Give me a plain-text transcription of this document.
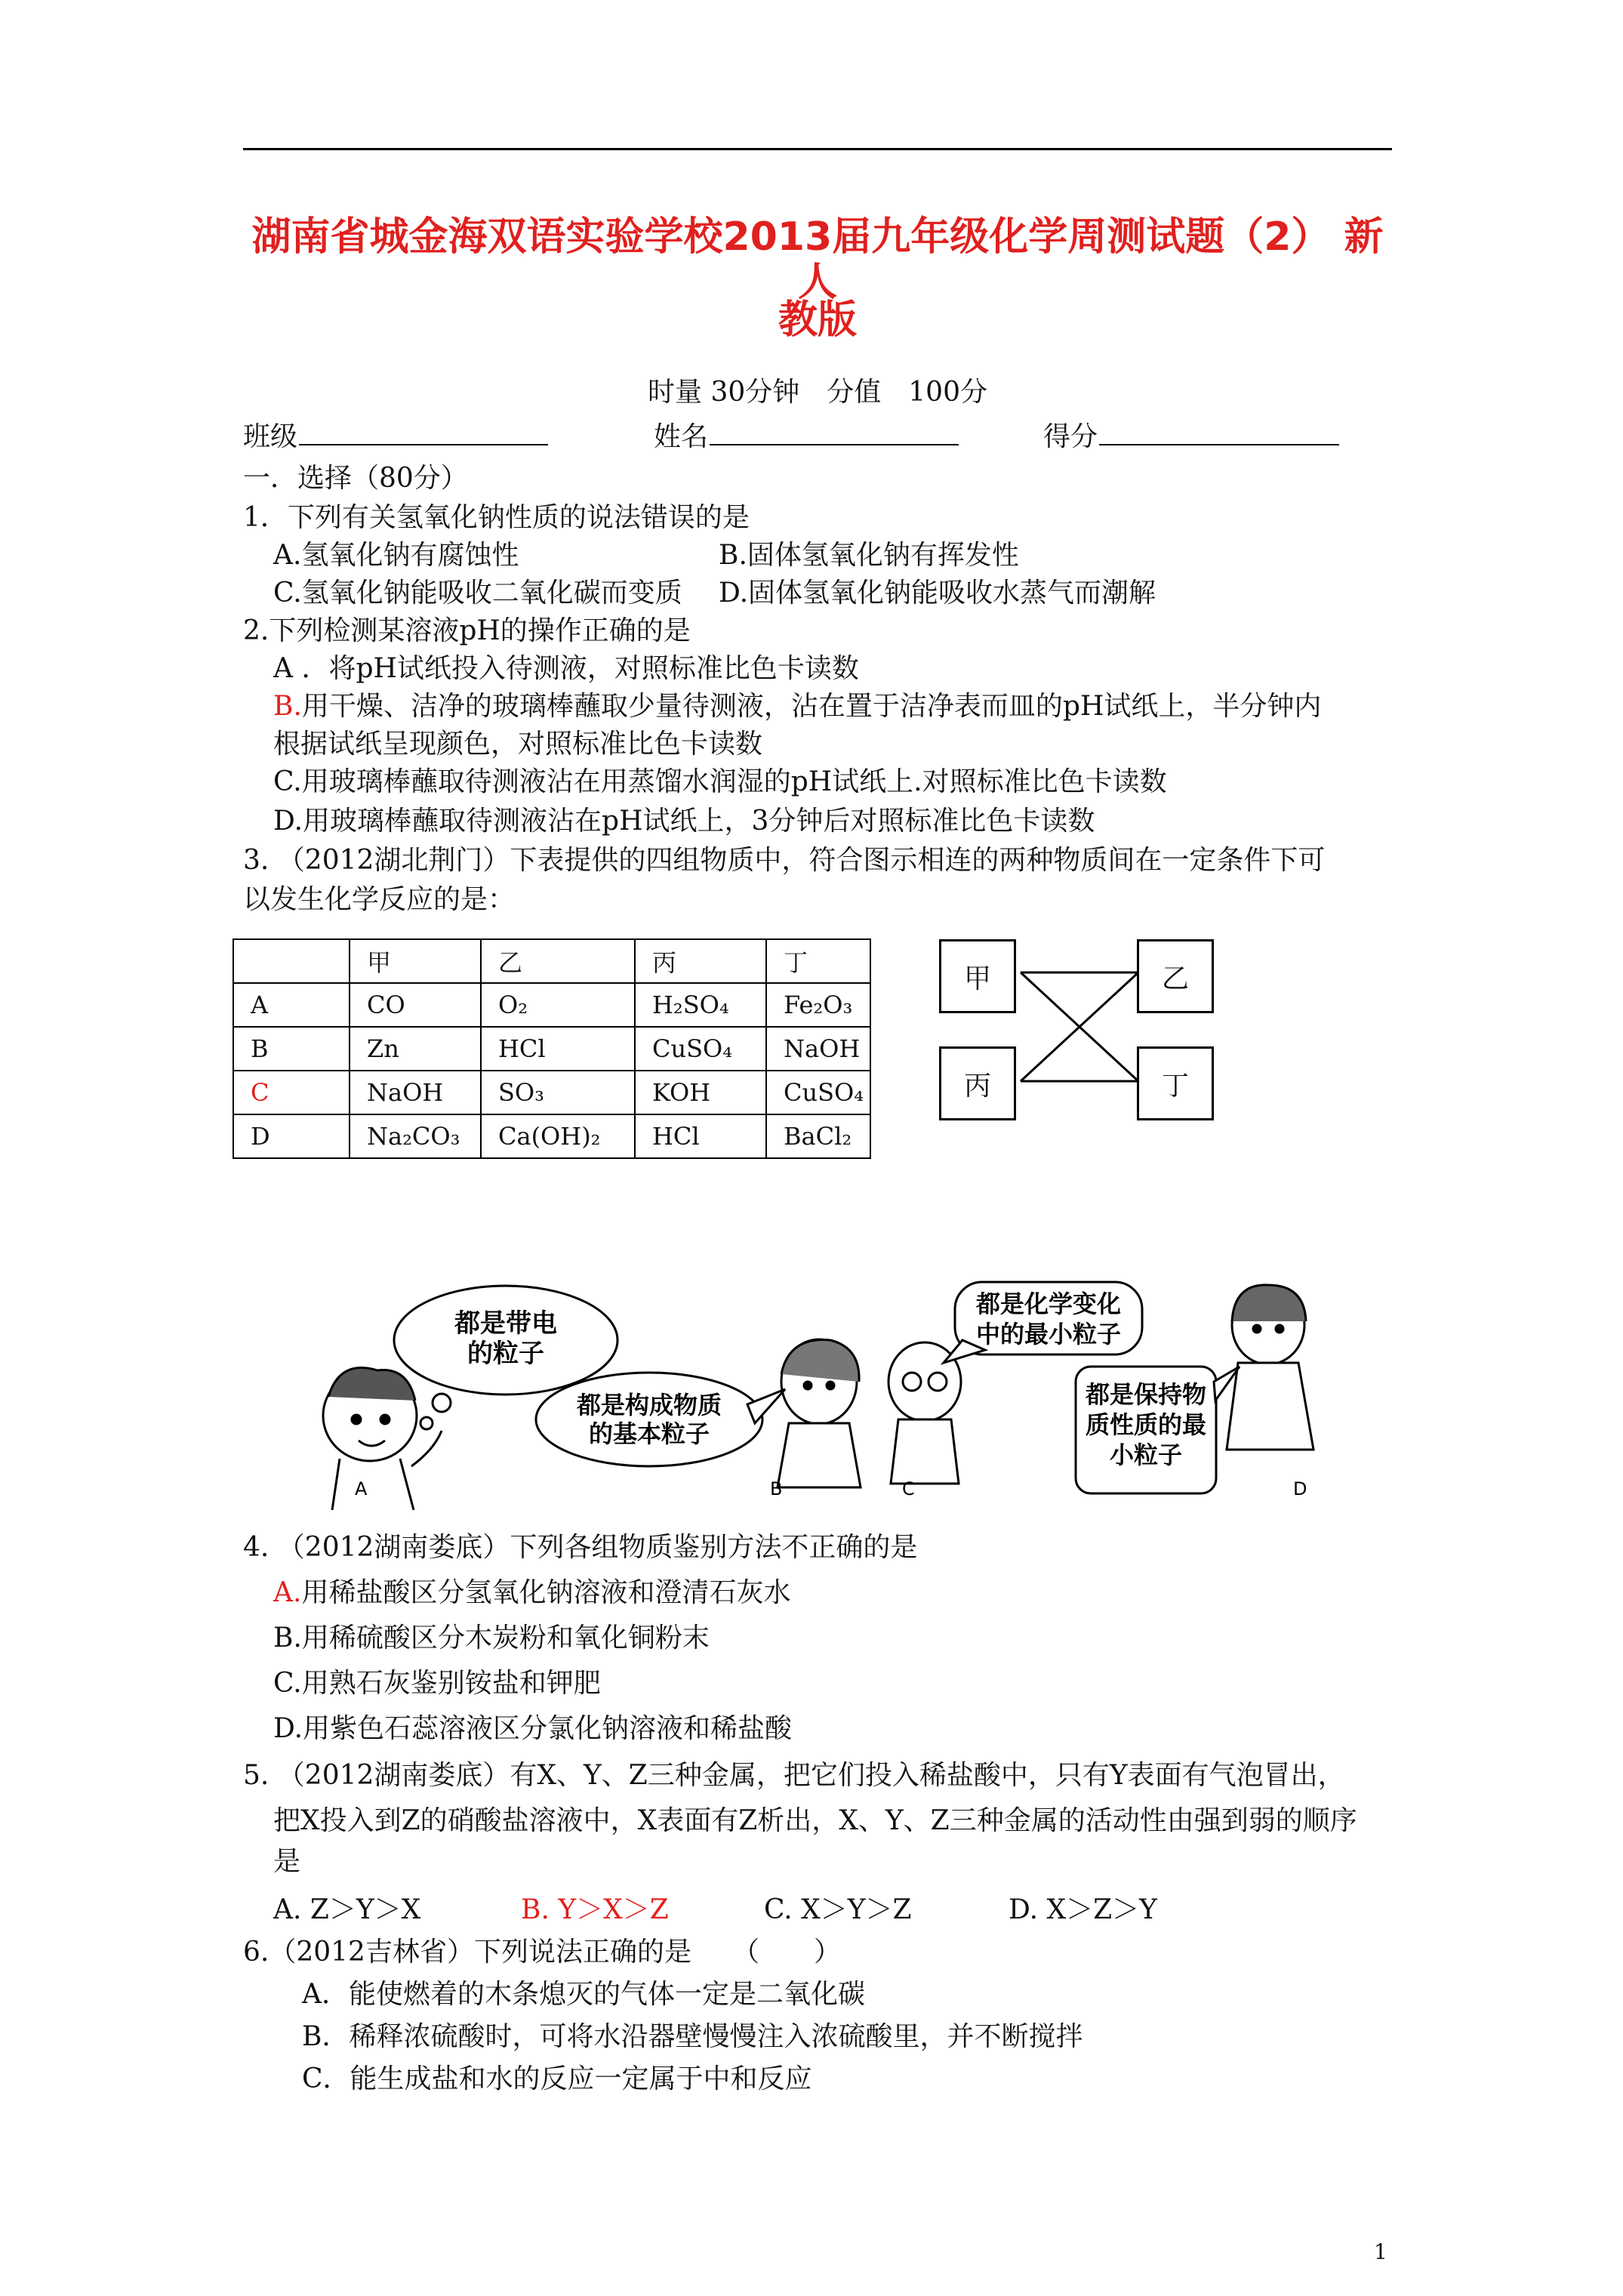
湖南省城金海双语实验学校2013届九年级化学周测试题（2） 新人
教版
时量 30分钟　分值　100分
班级	姓名	得分
一．选择（80分）
1．下列有关氢氧化钠性质的说法错误的是
A.氢氧化钠有腐蚀性	B.固体氢氧化钠有挥发性
C.氢氧化钠能吸收二氧化碳而变质 D.固体氢氧化钠能吸收水蒸气而潮解
2.下列检测某溶液pH的操作正确的是
A ．将pH试纸投入待测液，对照标准比色卡读数
B.用干燥、洁净的玻璃棒蘸取少量待测液，沾在置于洁净表而皿的pH试纸上，半分钟内
根据试纸呈现颜色，对照标准比色卡读数
C.用玻璃棒蘸取待测液沾在用蒸馏水润湿的pH试纸上.对照标准比色卡读数
D.用玻璃棒蘸取待测液沾在pH试纸上，3分钟后对照标准比色卡读数
3. （2012湖北荆门）下表提供的四组物质中，符合图示相连的两种物质间在一定条件下可
以发生化学反应的是：
	甲	乙	丙	丁
A	CO	O₂	H₂SO₄	Fe₂O₃
B	Zn	HCl	CuSO₄	NaOH
C	NaOH	SO₃	KOH	CuSO₄
D	Na₂CO₃	Ca(OH)₂	HCl	BaCl₂
甲	乙
丙	丁
都是带电
的粒子
都是构成物质
的基本粒子
都是化学变化
中的最小粒子
都是保持物
质性质的最
小粒子
A	B	C	D
4. （2012湖南娄底）下列各组物质鉴别方法不正确的是
A.用稀盐酸区分氢氧化钠溶液和澄清石灰水
B.用稀硫酸区分木炭粉和氧化铜粉末
C.用熟石灰鉴别铵盐和钾肥
D.用紫色石蕊溶液区分氯化钠溶液和稀盐酸
5. （2012湖南娄底）有X、Y、Z三种金属，把它们投入稀盐酸中，只有Y表面有气泡冒出，
把X投入到Z的硝酸盐溶液中，X表面有Z析出，X、Y、Z三种金属的活动性由强到弱的顺序
是
A. Z＞Y＞X	B. Y＞X＞Z	C. X＞Y＞Z	D. X＞Z＞Y
6.（2012吉林省）下列说法正确的是　　（　　）
A．能使燃着的木条熄灭的气体一定是二氧化碳
B．稀释浓硫酸时，可将水沿器壁慢慢注入浓硫酸里，并不断搅拌
C．能生成盐和水的反应一定属于中和反应
1
